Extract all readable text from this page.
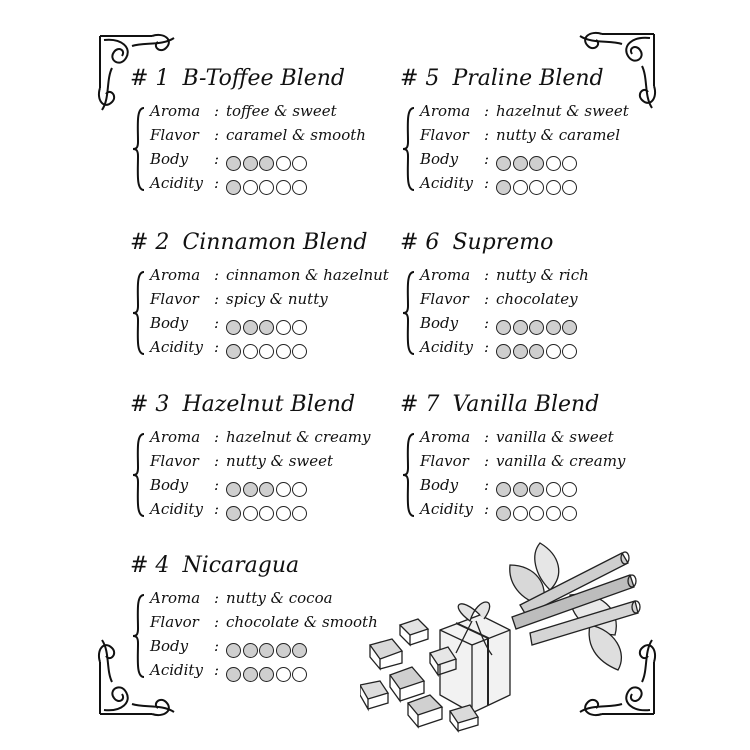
# 1 B-Toffee Blend
Aroma : toffee & sweet
Flavor : caramel & smooth
Body :
Acidity :
# 2 Cinnamon Blend
Aroma : cinnamon & hazelnut
Flavor : spicy & nutty
Body :
Acidity :
# 3 Hazelnut Blend
Aroma : hazelnut & creamy
Flavor : nutty & sweet
Body :
Acidity :
# 4 Nicaragua
Aroma : nutty & cocoa
Flavor : chocolate & smooth
Body :
Acidity :
# 5 Praline Blend
Aroma : hazelnut & sweet
Flavor : nutty & caramel
Body :
Acidity :
# 6 Supremo
Aroma : nutty & rich
Flavor : chocolatey
Body :
Acidity :
# 7 Vanilla Blend
Aroma : vanilla & sweet
Flavor : vanilla & creamy
Body :
Acidity :
